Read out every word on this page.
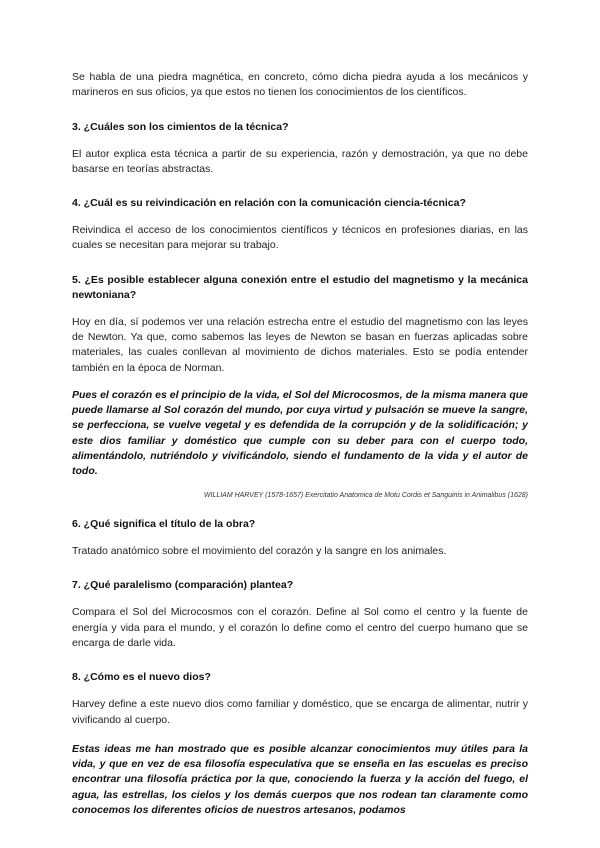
Se habla de una piedra magnética, en concreto, cómo dicha piedra ayuda a los mecánicos y marineros en sus oficios, ya que estos no tienen los conocimientos de los científicos.

3. ¿Cuáles son los cimientos de la técnica?

El autor explica esta técnica a partir de su experiencia, razón y demostración, ya que no debe basarse en teorías abstractas.

4. ¿Cuál es su reivindicación en relación con la comunicación ciencia-técnica?

Reivindica el acceso de los conocimientos científicos y técnicos en profesiones diarias, en las cuales se necesitan para mejorar su trabajo.

5. ¿Es posible establecer alguna conexión entre el estudio del magnetismo y la mecánica newtoniana?

Hoy en día, sí podemos ver una relación estrecha entre el estudio del magnetismo con las leyes de Newton. Ya que, como sabemos las leyes de Newton se basan en fuerzas aplicadas sobre materiales, las cuales conllevan al movimiento de dichos materiales. Esto se podía entender también en la época de Norman.

Pues el corazón es el principio de la vida, el Sol del Microcosmos, de la misma manera que puede llamarse al Sol corazón del mundo, por cuya virtud y pulsación se mueve la sangre, se perfecciona, se vuelve vegetal y es defendida de la corrupción y de la solidificación; y este dios familiar y doméstico que cumple con su deber para con el cuerpo todo, alimentándolo, nutriéndolo y vivificándolo, siendo el fundamento de la vida y el autor de todo.

WILLIAM HARVEY (1578-1657) Exercitatio Anatomica de Motu Cordis et Sanguinis in Animalibus (1628)

6. ¿Qué significa el título de la obra?

Tratado anatómico sobre el movimiento del corazón y la sangre en los animales.

7. ¿Qué paralelismo (comparación) plantea?

Compara el Sol del Microcosmos con el corazón. Define al Sol como el centro y la fuente de energía y vida para el mundo, y el corazón lo define como el centro del cuerpo humano que se encarga de darle vida.

8. ¿Cómo es el nuevo dios?

Harvey define a este nuevo dios como familiar y doméstico, que se encarga de alimentar, nutrir y vivificando al cuerpo.

Estas ideas me han mostrado que es posible alcanzar conocimientos muy útiles para la vida, y que en vez de esa filosofía especulativa que se enseña en las escuelas es preciso encontrar una filosofía práctica por la que, conociendo la fuerza y la acción del fuego, el agua, las estrellas, los cielos y los demás cuerpos que nos rodean tan claramente como conocemos los diferentes oficios de nuestros artesanos, podamos
